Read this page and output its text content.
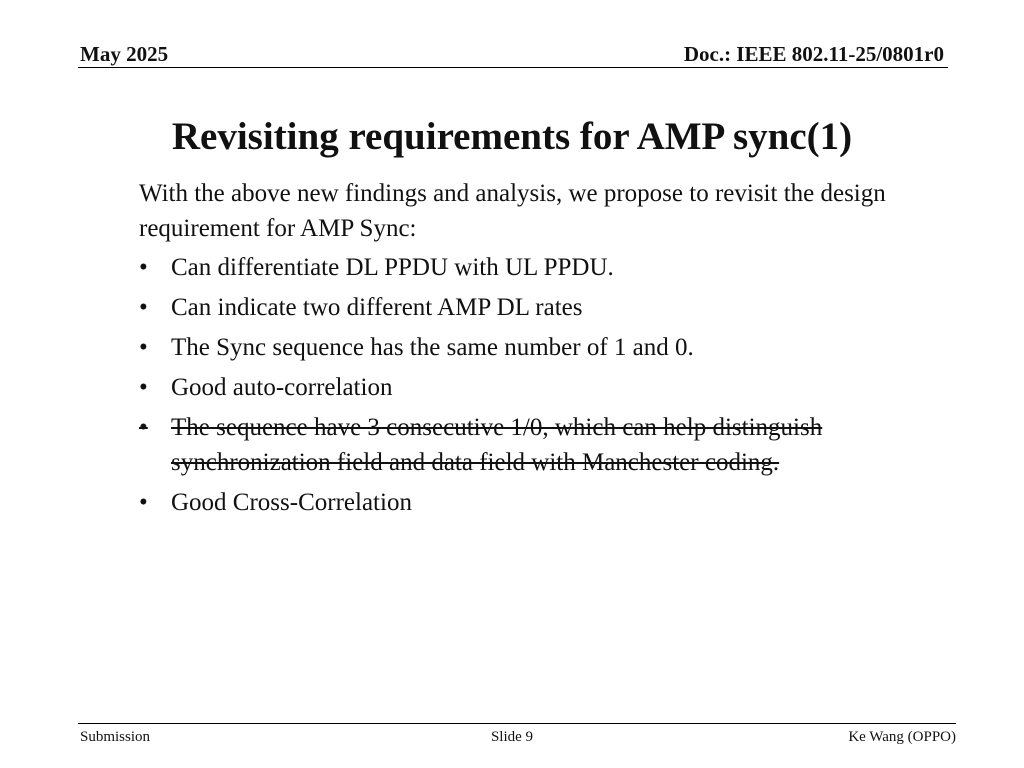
May 2025	Doc.: IEEE 802.11-25/0801r0
Revisiting requirements for AMP sync(1)
With the above new findings and analysis, we propose to revisit the design requirement for AMP Sync:
• Can differentiate DL PPDU with UL PPDU.
• Can indicate two different AMP DL rates
• The Sync sequence has the same number of 1 and 0.
• Good auto-correlation
• The sequence have 3 consecutive 1/0, which can help distinguish synchronization field and data field with Manchester coding.
• Good Cross-Correlation
Submission	Slide 9	Ke Wang (OPPO)
